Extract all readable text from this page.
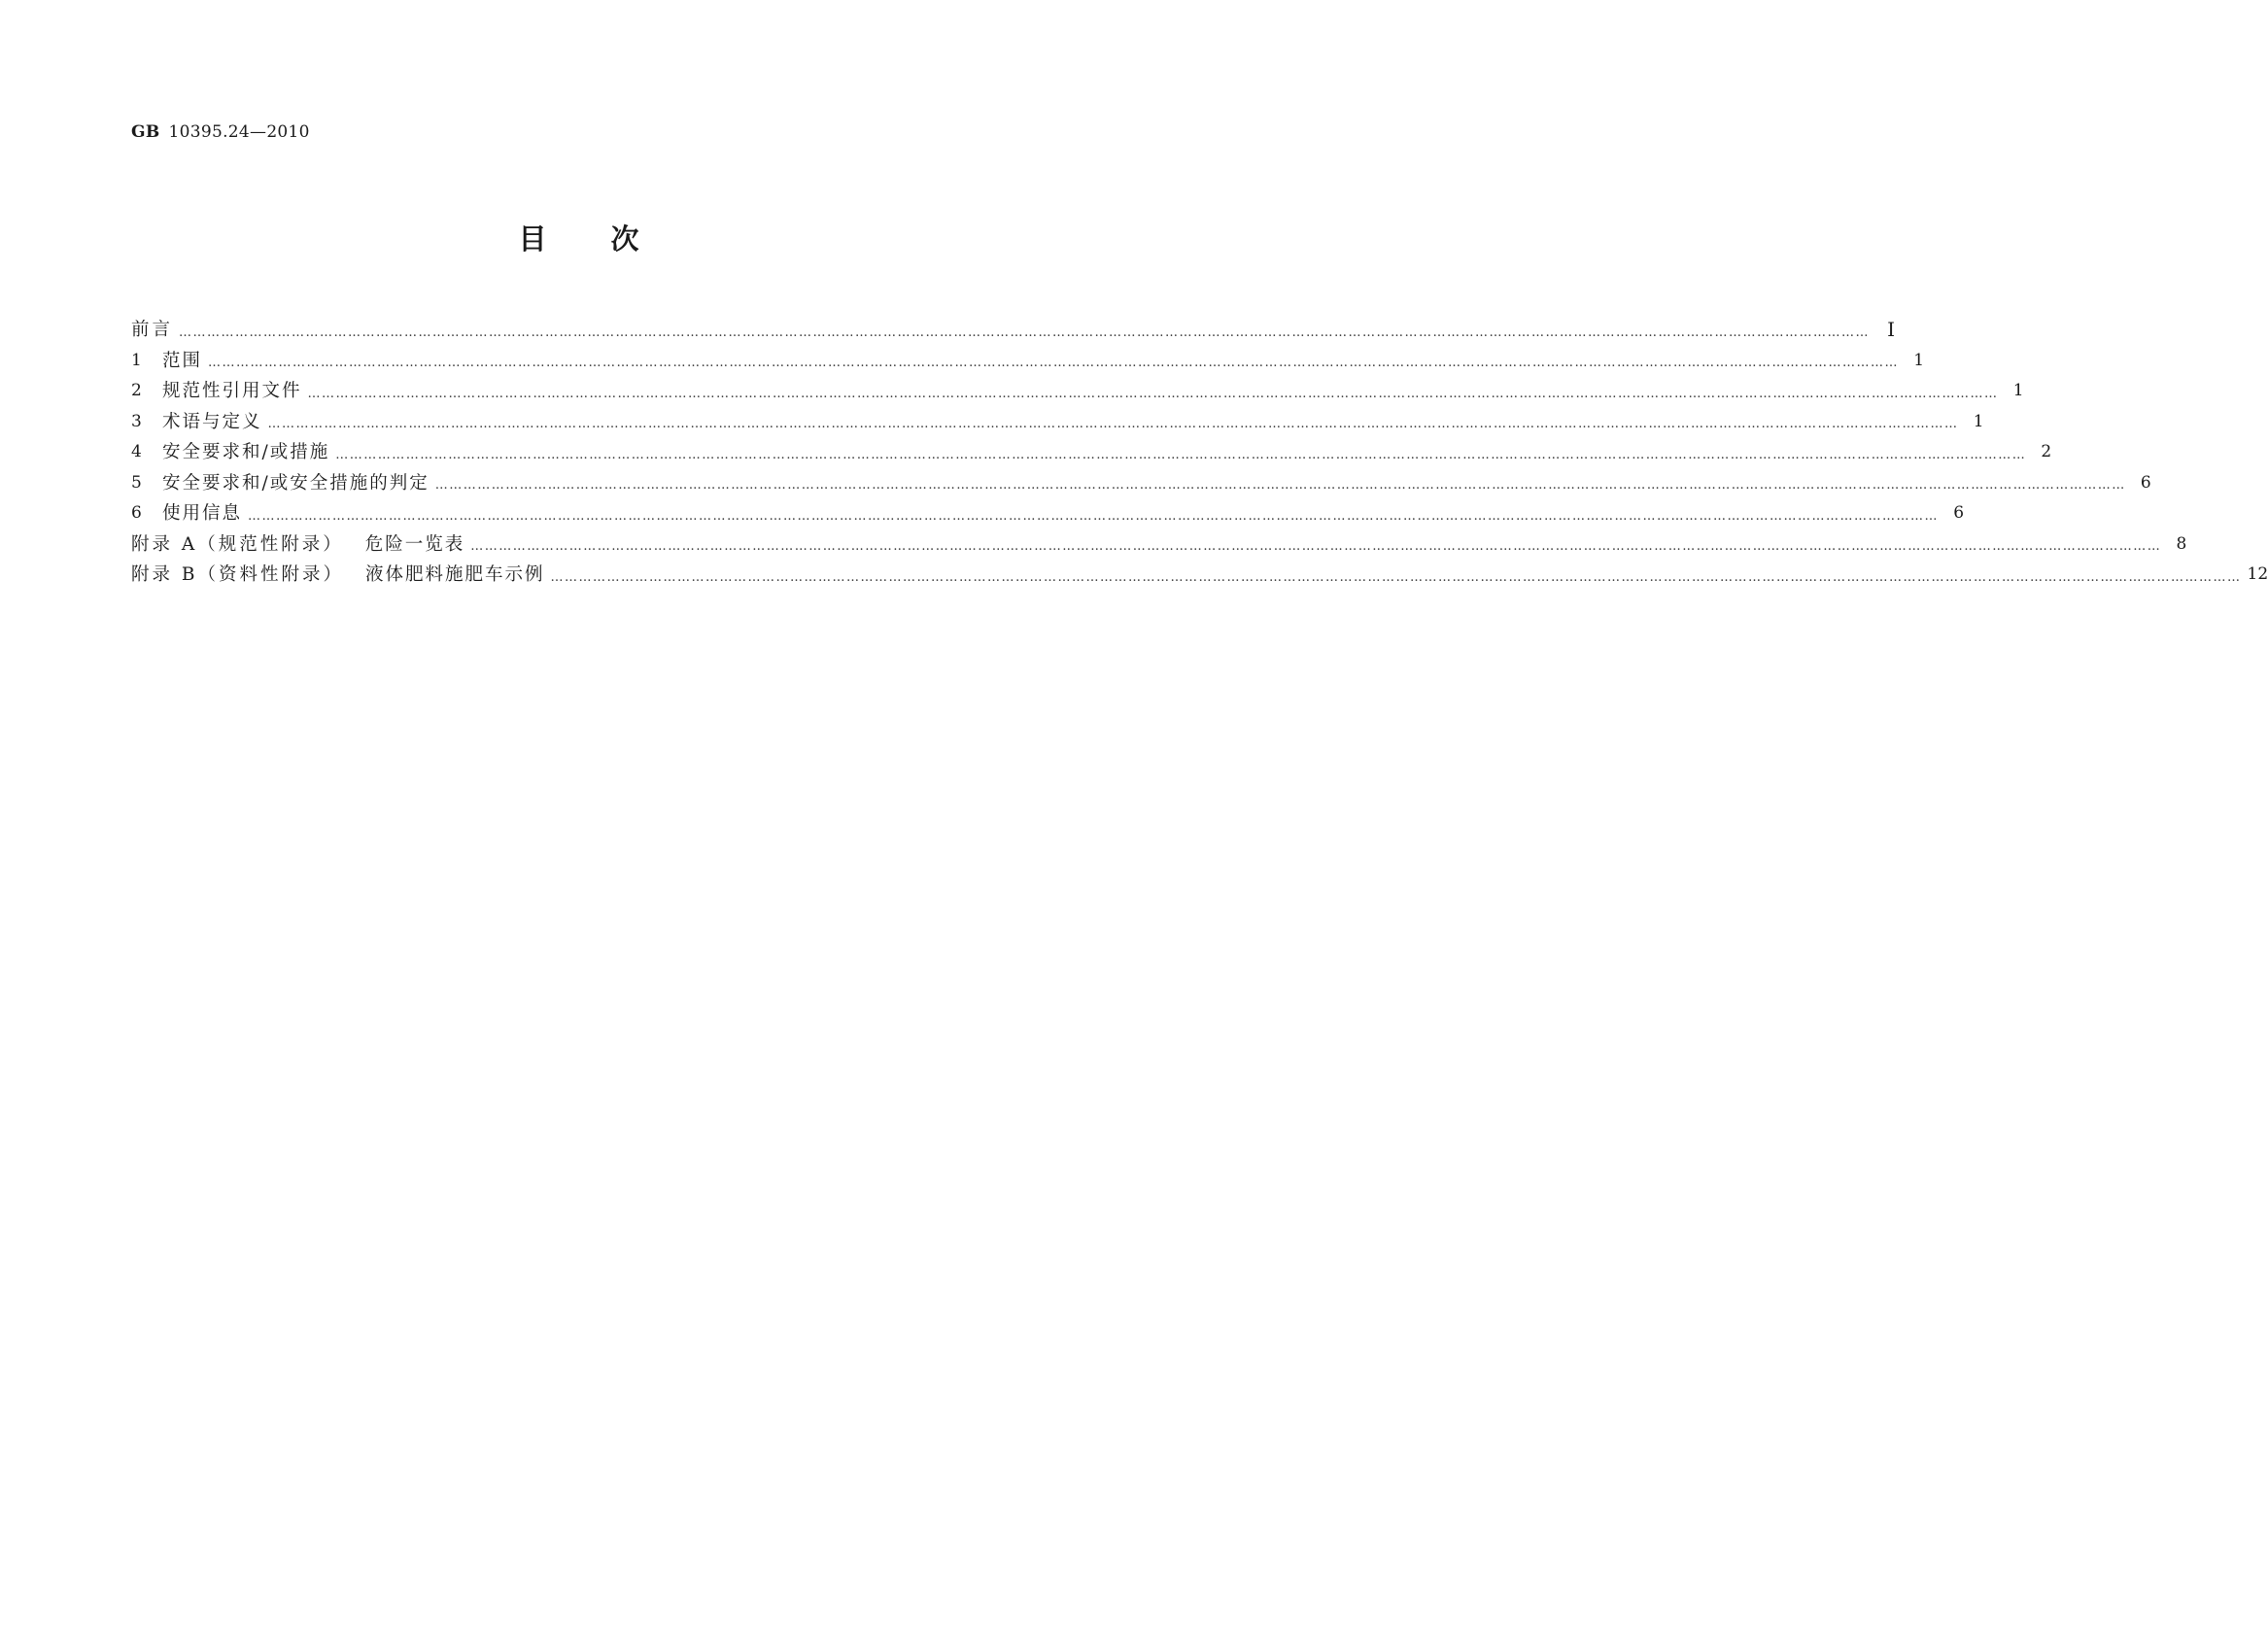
GB 10395.24—2010
目次
前言 ……………………………………………………………………………………………………………………………………………………………………………………………………………………………………………………………………………………………………………………………… Ⅰ
1	范围 ……………………………………………………………………………………………………………………………………………………………………………………………………………………………………………………………………………………………………………………………… 1
2	规范性引用文件 ……………………………………………………………………………………………………………………………………………………………………………………………………………………………………………………………………………………………………………………………… 1
3	术语与定义 ……………………………………………………………………………………………………………………………………………………………………………………………………………………………………………………………………………………………………………………………… 1
4	安全要求和/或措施 ……………………………………………………………………………………………………………………………………………………………………………………………………………………………………………………………………………………………………………………………… 2
5	安全要求和/或安全措施的判定 ……………………………………………………………………………………………………………………………………………………………………………………………………………………………………………………………………………………………………………………………… 6
6	使用信息 ……………………………………………………………………………………………………………………………………………………………………………………………………………………………………………………………………………………………………………………………… 6
附录 A（规范性附录） 危险一览表 ……………………………………………………………………………………………………………………………………………………………………………………………………………………………………………………………………………………………………………………………… 8
附录 B（资料性附录） 液体肥料施肥车示例 ……………………………………………………………………………………………………………………………………………………………………………………………………………………………………………………………………………………………………………………………… 12
